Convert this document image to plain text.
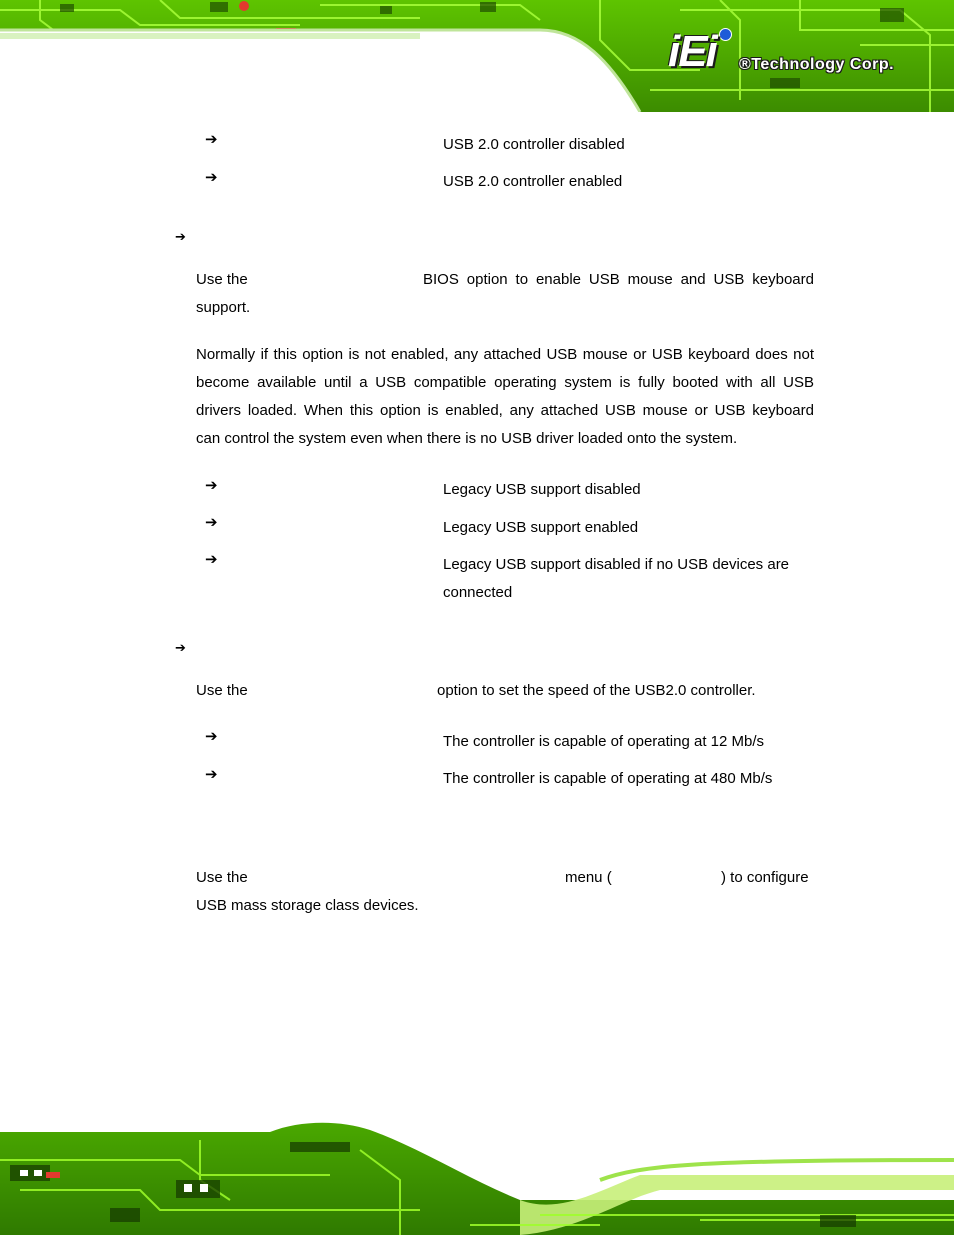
iEi ®Technology Corp.
➔	USB 2.0 controller disabled
➔	USB 2.0 controller enabled
➔
Use the	BIOS option to enable USB mouse and USB keyboard
support.
Normally if this option is not enabled, any attached USB mouse or USB keyboard does not
become available until a USB compatible operating system is fully booted with all USB
drivers loaded. When this option is enabled, any attached USB mouse or USB keyboard
can control the system even when there is no USB driver loaded onto the system.
➔	Legacy USB support disabled
➔	Legacy USB support enabled
➔	Legacy USB support disabled if no USB devices are
connected
➔
Use the	option to set the speed of the USB2.0 controller.
➔	The controller is capable of operating at 12 Mb/s
➔	The controller is capable of operating at 480 Mb/s
Use the	menu (	) to configure
USB mass storage class devices.
